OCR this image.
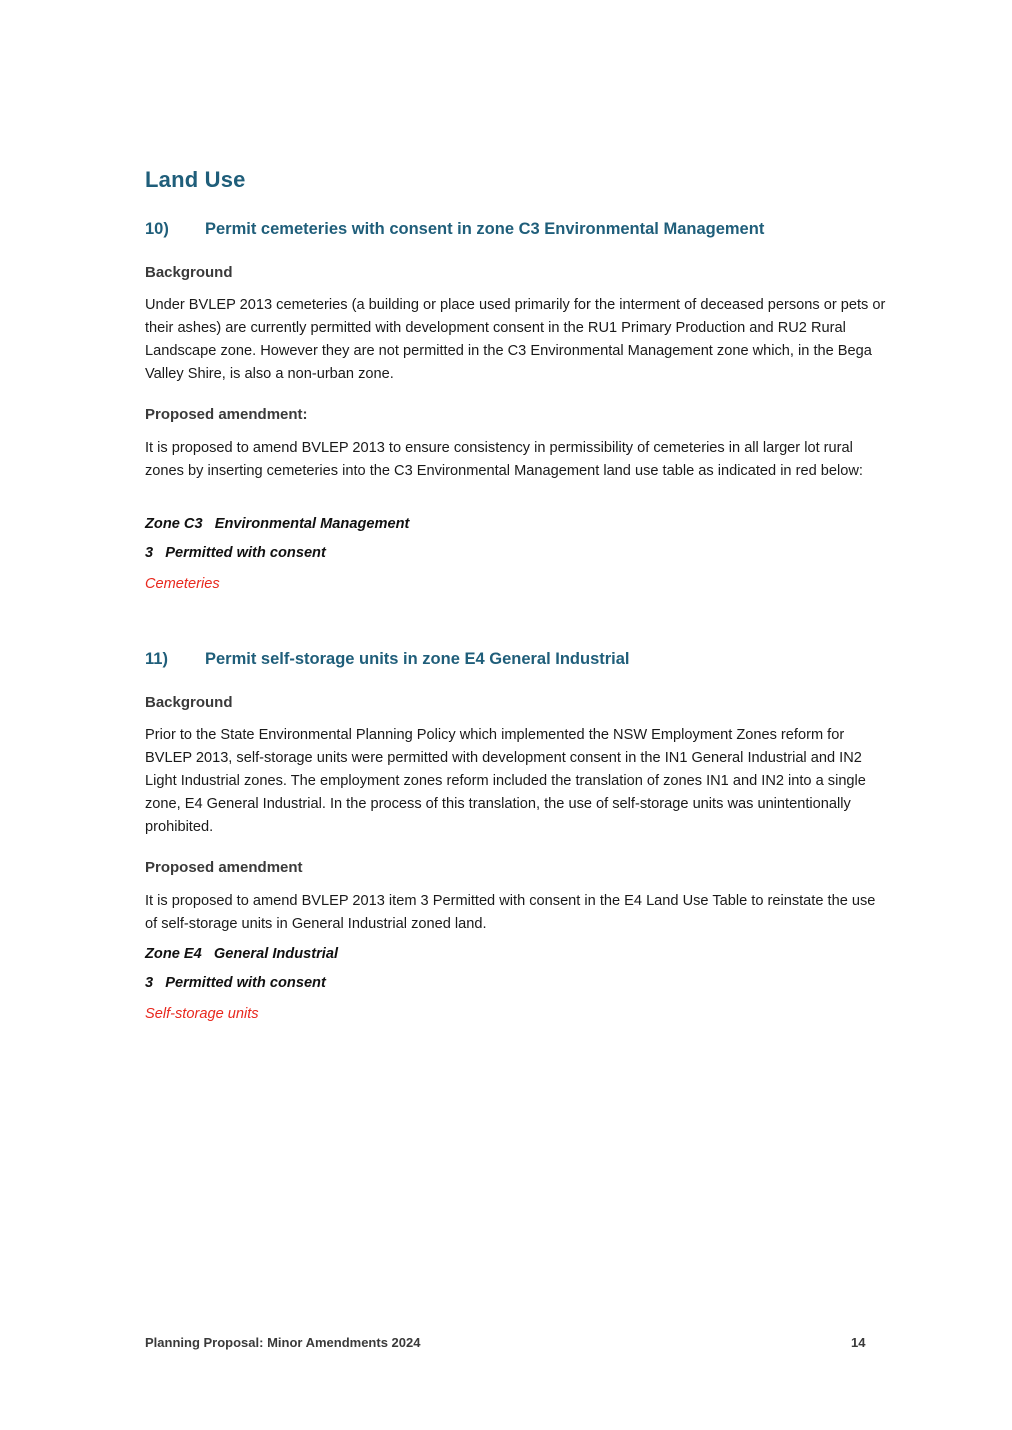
Land Use
10) Permit cemeteries with consent in zone C3 Environmental Management
Background

Under BVLEP 2013 cemeteries (a building or place used primarily for the interment of deceased persons or pets or their ashes) are currently permitted with development consent in the RU1 Primary Production and RU2 Rural Landscape zone. However they are not permitted in the C3 Environmental Management zone which, in the Bega Valley Shire, is also a non-urban zone.

Proposed amendment:

It is proposed to amend BVLEP 2013 to ensure consistency in permissibility of cemeteries in all larger lot rural zones by inserting cemeteries into the C3 Environmental Management land use table as indicated in red below:

Zone C3   Environmental Management

3   Permitted with consent

Cemeteries

11) Permit self-storage units in zone E4 General Industrial
Background

Prior to the State Environmental Planning Policy which implemented the NSW Employment Zones reform for BVLEP 2013, self-storage units were permitted with development consent in the IN1 General Industrial and IN2 Light Industrial zones. The employment zones reform included the translation of zones IN1 and IN2 into a single zone, E4 General Industrial. In the process of this translation, the use of self-storage units was unintentionally prohibited.

Proposed amendment

It is proposed to amend BVLEP 2013 item 3 Permitted with consent in the E4 Land Use Table to reinstate the use of self-storage units in General Industrial zoned land.

Zone E4   General Industrial

3   Permitted with consent

Self-storage units

Planning Proposal: Minor Amendments 2024	14
